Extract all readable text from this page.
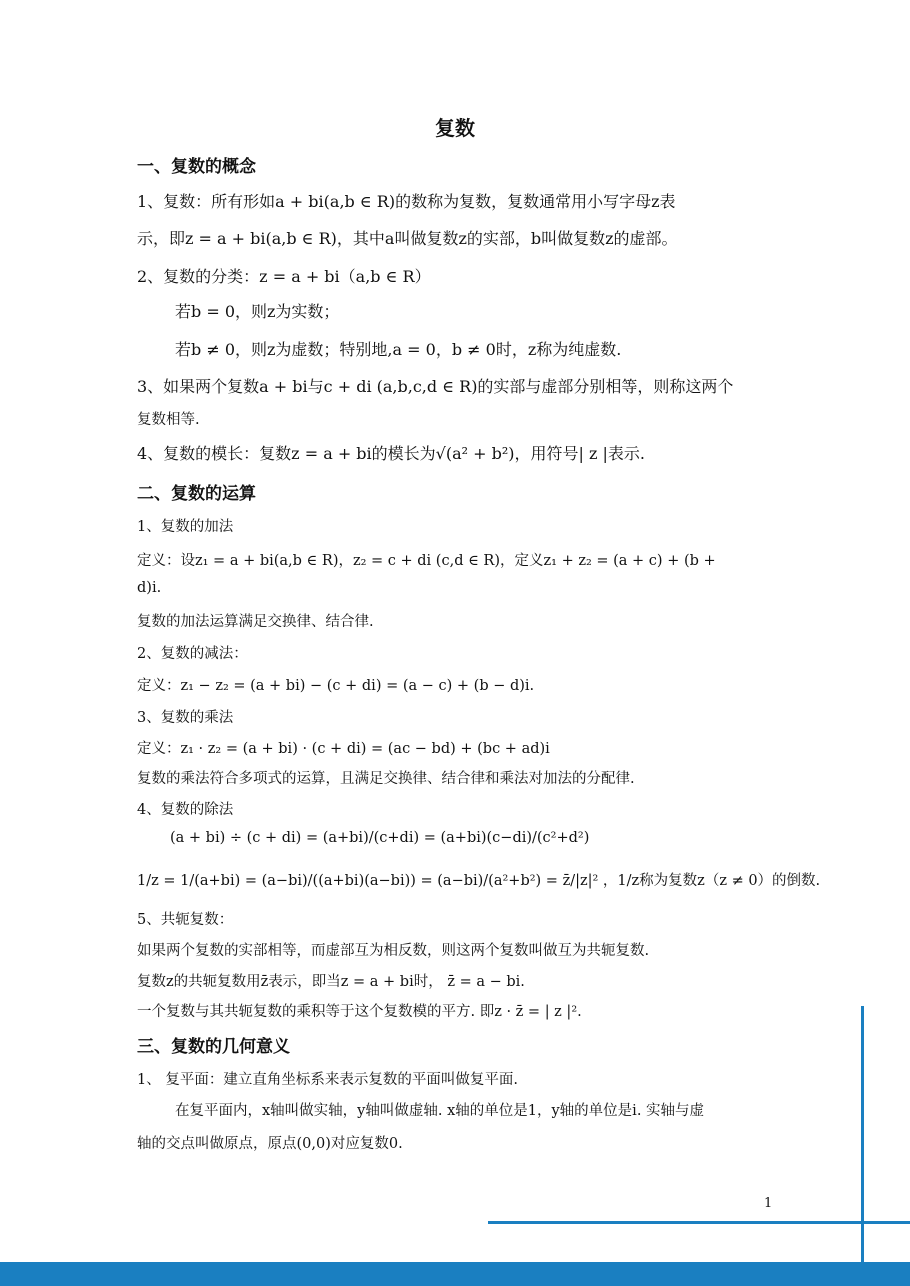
复数
一、复数的概念
1、复数：所有形如a + bi(a,b ∈ R)的数称为复数，复数通常用小写字母z表
示，即z = a + bi(a,b ∈ R)，其中a叫做复数z的实部，b叫做复数z的虚部。
2、复数的分类：z = a + bi（a,b ∈ R）
若b = 0，则z为实数；
若b ≠ 0，则z为虚数；特别地,a = 0，b ≠ 0时，z称为纯虚数.
3、如果两个复数a + bi与c + di (a,b,c,d ∈ R)的实部与虚部分别相等，则称这两个
复数相等.
4、复数的模长：复数z = a + bi的模长为√(a² + b²)，用符号| z |表示.
二、复数的运算
1、复数的加法
定义：设z₁ = a + bi(a,b ∈ R)，z₂ = c + di (c,d ∈ R)，定义z₁ + z₂ = (a + c) + (b +
d)i.
复数的加法运算满足交换律、结合律.
2、复数的减法：
定义：z₁ − z₂ = (a + bi) − (c + di) = (a − c) + (b − d)i.
3、复数的乘法
定义：z₁ · z₂ = (a + bi) · (c + di) = (ac − bd) + (bc + ad)i
复数的乘法符合多项式的运算，且满足交换律、结合律和乘法对加法的分配律.
4、复数的除法
(a + bi) ÷ (c + di) = (a+bi)/(c+di) = (a+bi)(c−di)/(c²+d²)
1/z = 1/(a+bi) = (a−bi)/((a+bi)(a−bi)) = (a−bi)/(a²+b²) = z̄/|z|² ，1/z称为复数z（z ≠ 0）的倒数.
5、共轭复数：
如果两个复数的实部相等，而虚部互为相反数，则这两个复数叫做互为共轭复数.
复数z的共轭复数用z̄表示，即当z = a + bi时， z̄ = a − bi.
一个复数与其共轭复数的乘积等于这个复数模的平方. 即z · z̄ = | z |².
三、复数的几何意义
1、 复平面：建立直角坐标系来表示复数的平面叫做复平面.
在复平面内，x轴叫做实轴，y轴叫做虚轴. x轴的单位是1，y轴的单位是i. 实轴与虚
轴的交点叫做原点，原点(0,0)对应复数0.
1
